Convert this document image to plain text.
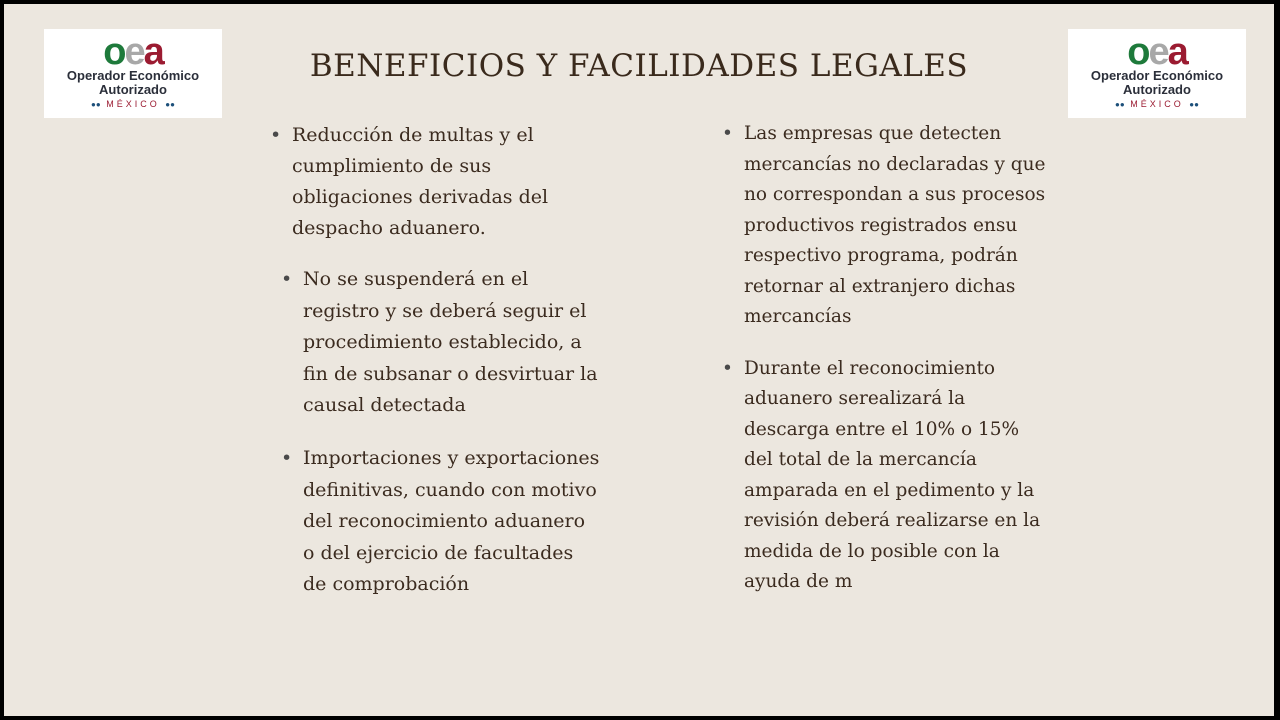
oea
Operador Económico
Autorizado
●● MÉXICO ●●
BENEFICIOS Y FACILIDADES LEGALES	oea
Operador Económico
Autorizado
●● MÉXICO ●●
• Reducción de multas y el cumplimiento de sus obligaciones derivadas del despacho aduanero.
• No se suspenderá en el registro y se deberá seguir el procedimiento establecido, a fin de subsanar o desvirtuar la causal detectada
• Importaciones y exportaciones definitivas, cuando con motivo del reconocimiento aduanero o del ejercicio de facultades de comprobación
• Las empresas que detecten mercancías no declaradas y que no correspondan a sus procesos productivos registrados ensu respectivo programa, podrán retornar al extranjero dichas mercancías
• Durante el reconocimiento aduanero serealizará la descarga entre el 10% o 15% del total de la mercancía amparada en el pedimento y la revisión deberá realizarse en la medida de lo posible con la ayuda de m
